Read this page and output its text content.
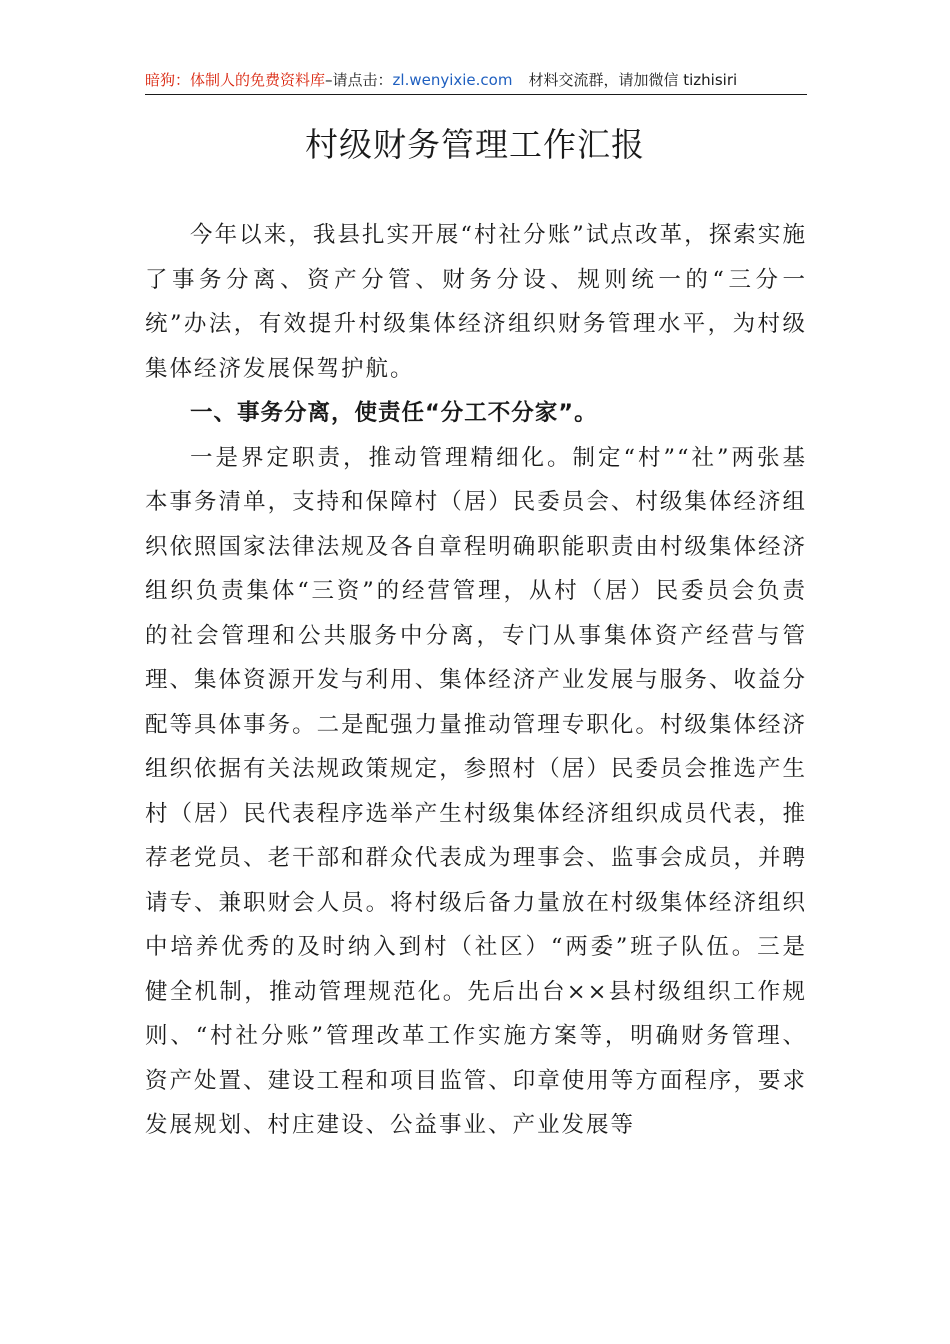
暗狗：体制人的免费资料库 –请点击： zl.wenyixie.com 材料交流群，请加微信 tizhisiri
村级财务管理工作汇报

今年以来，我县扎实开展“村社分账”试点改革，探索实施了事务分离、资产分管、财务分设、规则统一的“三分一统”办法，有效提升村级集体经济组织财务管理水平，为村级集体经济发展保驾护航。

一、事务分离，使责任“分工不分家”。

一是界定职责，推动管理精细化。制定“村”“社”两张基本事务清单，支持和保障村（居）民委员会、村级集体经济组织依照国家法律法规及各自章程明确职能职责由村级集体经济组织负责集体“三资”的经营管理，从村（居）民委员会负责的社会管理和公共服务中分离，专门从事集体资产经营与管理、集体资源开发与利用、集体经济产业发展与服务、收益分配等具体事务。二是配强力量推动管理专职化。村级集体经济组织依据有关法规政策规定，参照村（居）民委员会推选产生村（居）民代表程序选举产生村级集体经济组织成员代表，推荐老党员、老干部和群众代表成为理事会、监事会成员，并聘请专、兼职财会人员。将村级后备力量放在村级集体经济组织中培养优秀的及时纳入到村（社区）“两委”班子队伍。三是健全机制，推动管理规范化。先后出台××县村级组织工作规则、“村社分账”管理改革工作实施方案等，明确财务管理、资产处置、建设工程和项目监管、印章使用等方面程序，要求发展规划、村庄建设、公益事业、产业发展等
